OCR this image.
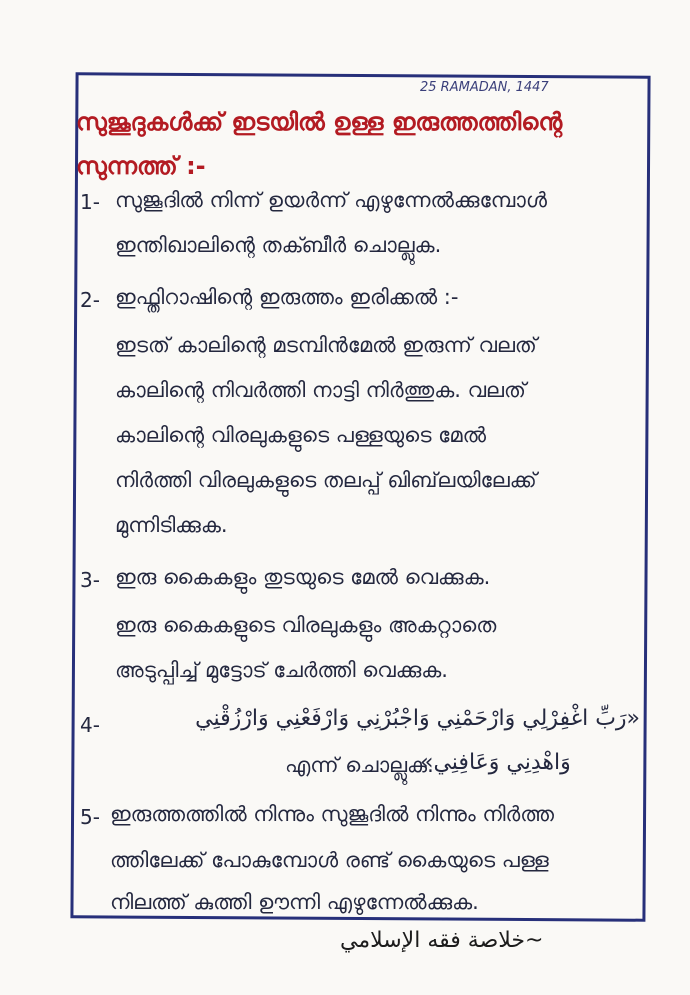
25 RAMADAN, 1447
സുജൂദുകൾക്ക് ഇടയിൽ ഉള്ള ഇരുത്തത്തിന്റെ
സുന്നത്ത് :-
1- സുജൂദിൽ നിന്ന് ഉയർന്ന് എഴുന്നേൽക്കുമ്പോൾ
ഇന്തിഖാലിന്റെ തക്ബീർ ചൊല്ലുക.
2- ഇഫ്തിറാഷിന്റെ ഇരുത്തം ഇരിക്കൽ :-
ഇടത് കാലിന്റെ മടമ്പിൻമേൽ ഇരുന്ന് വലത്
കാലിന്റെ നിവർത്തി നാട്ടി നിർത്തുക. വലത്
കാലിന്റെ വിരലുകളുടെ പള്ളയുടെ മേൽ
നിർത്തി വിരലുകളുടെ തലപ്പ് ഖിബ്‌ലയിലേക്ക്
മുന്നിടിക്കുക.
3- ഇരു കൈകളും തുടയുടെ മേൽ വെക്കുക.
ഇരു കൈകളുടെ വിരലുകളും അകറ്റാതെ
അടുപ്പിച്ച് മുട്ടോട് ചേർത്തി വെക്കുക.
4-	«رَبِّ اغْفِرْلِي وَارْحَمْنِي وَاجْبُرْنِي وَارْفَعْنِي وَارْزُقْنِي
എന്ന് ചൊല്ലുക.
وَاهْدِنِي وَعَافِنِي»
5- ഇരുത്തത്തിൽ നിന്നും സുജൂദിൽ നിന്നും നിർത്ത
ത്തിലേക്ക് പോകുമ്പോൾ രണ്ട് കൈയുടെ പള്ള
നിലത്ത് കുത്തി ഊന്നി എഴുന്നേൽക്കുക.
~خلاصة فقه الإسلامي
